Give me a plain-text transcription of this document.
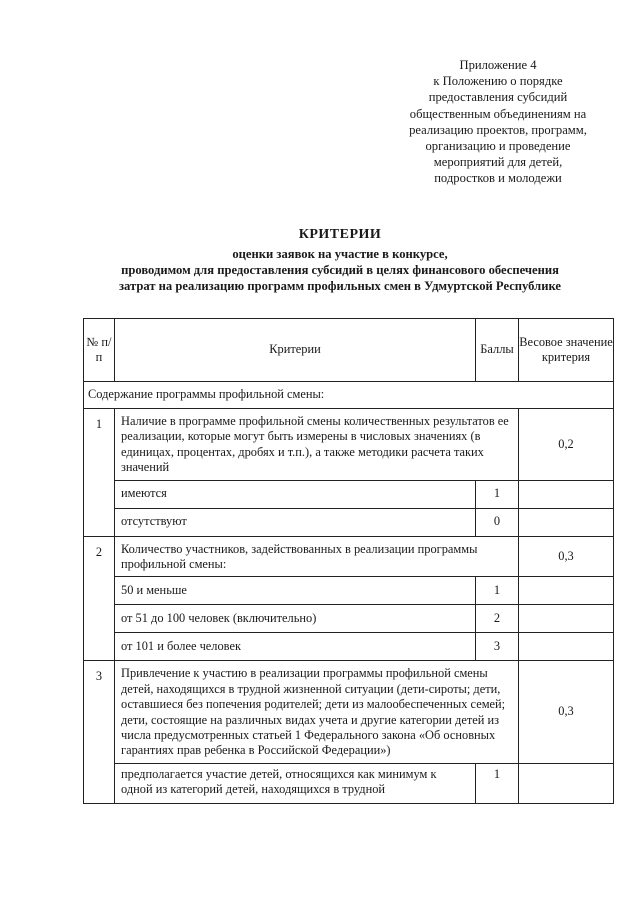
Приложение 4
к Положению о порядке
предоставления субсидий
общественным объединениям на
реализацию проектов, программ,
организацию и проведение
мероприятий для детей,
подростков и молодежи
КРИТЕРИИ
оценки заявок на участие в конкурсе,
проводимом для предоставления субсидий в целях финансового обеспечения
затрат на реализацию программ профильных смен в Удмуртской Республике
№ п/п	Критерии	Баллы	Весовое значение критерия
Содержание программы профильной смены:			
1	Наличие в программе профильной смены количественных результатов ее реализации, которые могут быть измерены в числовых значениях (в единицах, процентах, дробях и т.п.), а также методики расчета таких значений		0,2
	имеются	1	
	отсутствуют	0	
2	Количество участников, задействованных в реализации программы профильной смены:		0,3
	50 и меньше	1	
	от 51 до 100 человек (включительно)	2	
	от 101 и более человек	3	
3	Привлечение к участию в реализации программы профильной смены детей, находящихся в трудной жизненной ситуации (дети-сироты; дети, оставшиеся без попечения родителей; дети из малообеспеченных семей; дети, состоящие на различных видах учета и другие категории детей из числа предусмотренных статьей 1 Федерального закона «Об основных гарантиях прав ребенка в Российской Федерации»)		0,3
	предполагается участие детей, относящихся как минимум к одной из категорий детей, находящихся в трудной	1	
